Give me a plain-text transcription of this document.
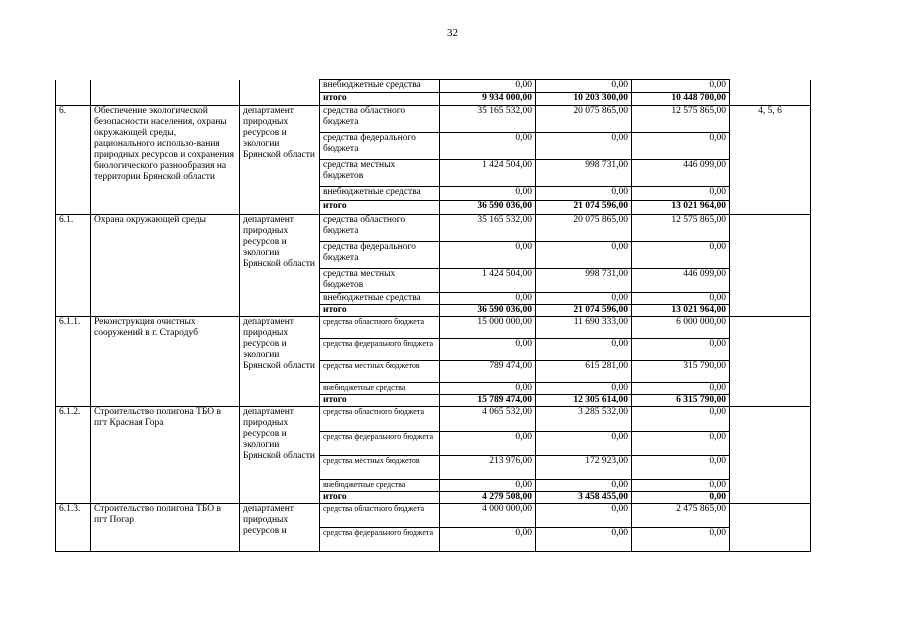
32
			внебюджетные средства	0,00	0,00	0,00	
			итого	9 934 000,00	10 203 300,00	10 448 700,00	
6.	Обеспечение экологической безопасности населения, охраны окружающей среды, рационального использо-вания природных ресурсов и сохранения биологического разнообразия на территории Брянской области	департамент природных ресурсов и экологии Брянской области	средства областного бюджета	35 165 532,00	20 075 865,00	12 575 865,00	4, 5, 6
			средства федерального бюджета	0,00	0,00	0,00	
			средства местных бюджетов	1 424 504,00	998 731,00	446 099,00	
			внебюджетные средства	0,00	0,00	0,00	
			итого	36 590 036,00	21 074 596,00	13 021 964,00	
6.1.	Охрана окружающей среды	департамент природных ресурсов и экологии Брянской области	средства областного бюджета	35 165 532,00	20 075 865,00	12 575 865,00	
			средства федерального бюджета	0,00	0,00	0,00	
			средства местных бюджетов	1 424 504,00	998 731,00	446 099,00	
			внебюджетные средства	0,00	0,00	0,00	
			итого	36 590 036,00	21 074 596,00	13 021 964,00	
6.1.1.	Реконструкция очистных сооружений в г. Стародуб	департамент природных ресурсов и экологии Брянской области	средства областного бюджета	15 000 000,00	11 690 333,00	6 000 000,00	
			средства федерального бюджета	0,00	0,00	0,00	
			средства местных бюджетов	789 474,00	615 281,00	315 790,00	
			внебюджетные средства	0,00	0,00	0,00	
			итого	15 789 474,00	12 305 614,00	6 315 790,00	
6.1.2.	Строительство полигона ТБО в пгт Красная Гора	департамент природных ресурсов и экологии Брянской области	средства областного бюджета	4 065 532,00	3 285 532,00	0,00	
			средства федерального бюджета	0,00	0,00	0,00	
			средства местных бюджетов	213 976,00	172 923,00	0,00	
			внебюджетные средства	0,00	0,00	0,00	
			итого	4 279 508,00	3 458 455,00	0,00	
6.1.3.	Строительство полигона ТБО в пгт Погар	департамент природных ресурсов и	средства областного бюджета	4 000 000,00	0,00	2 475 865,00	
			средства федерального бюджета	0,00	0,00	0,00	
